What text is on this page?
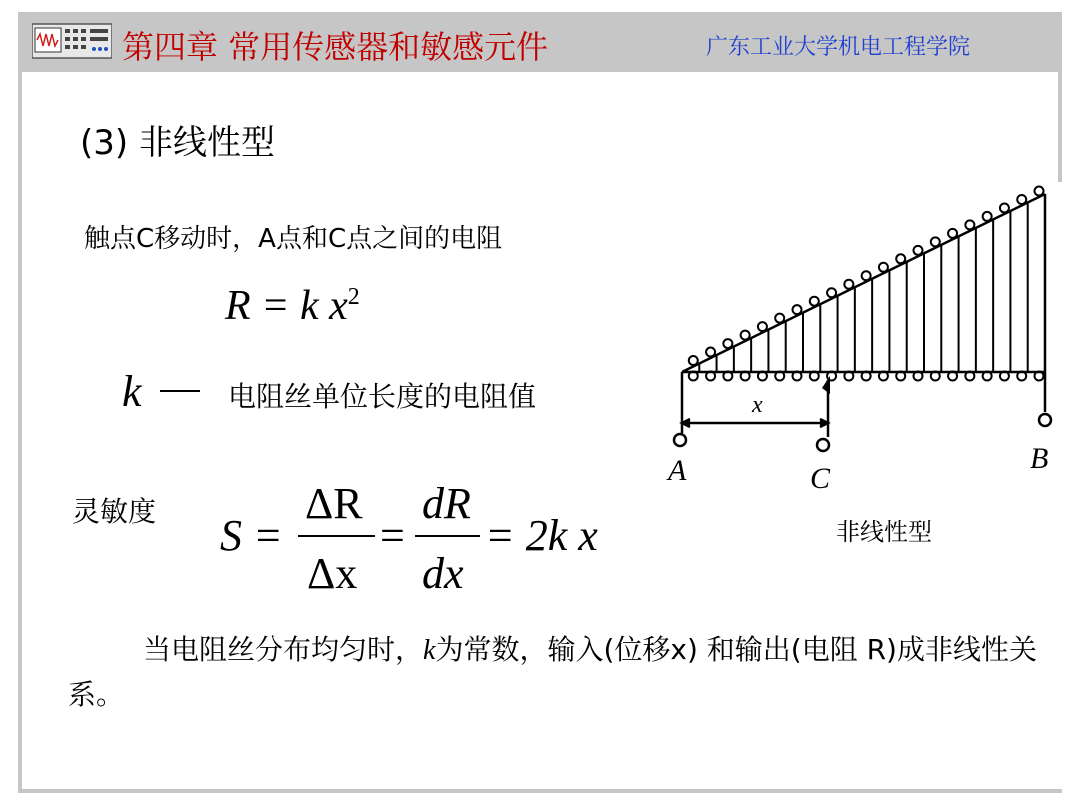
第四章 常用传感器和敏感元件	广东工业大学机电工程学院
(3) 非线性型
触点C移动时，A点和C点之间的电阻
R = k $x^2$
k	电阻丝单位长度的电阻值
灵敏度 S =
ΔR
Δx
=
dR
dx
= 2k x
A	C
B
x
非线性型
当电阻丝分布均匀时，k为常数，输入(位移x) 和输出(电阻 R)成非线性关系。
